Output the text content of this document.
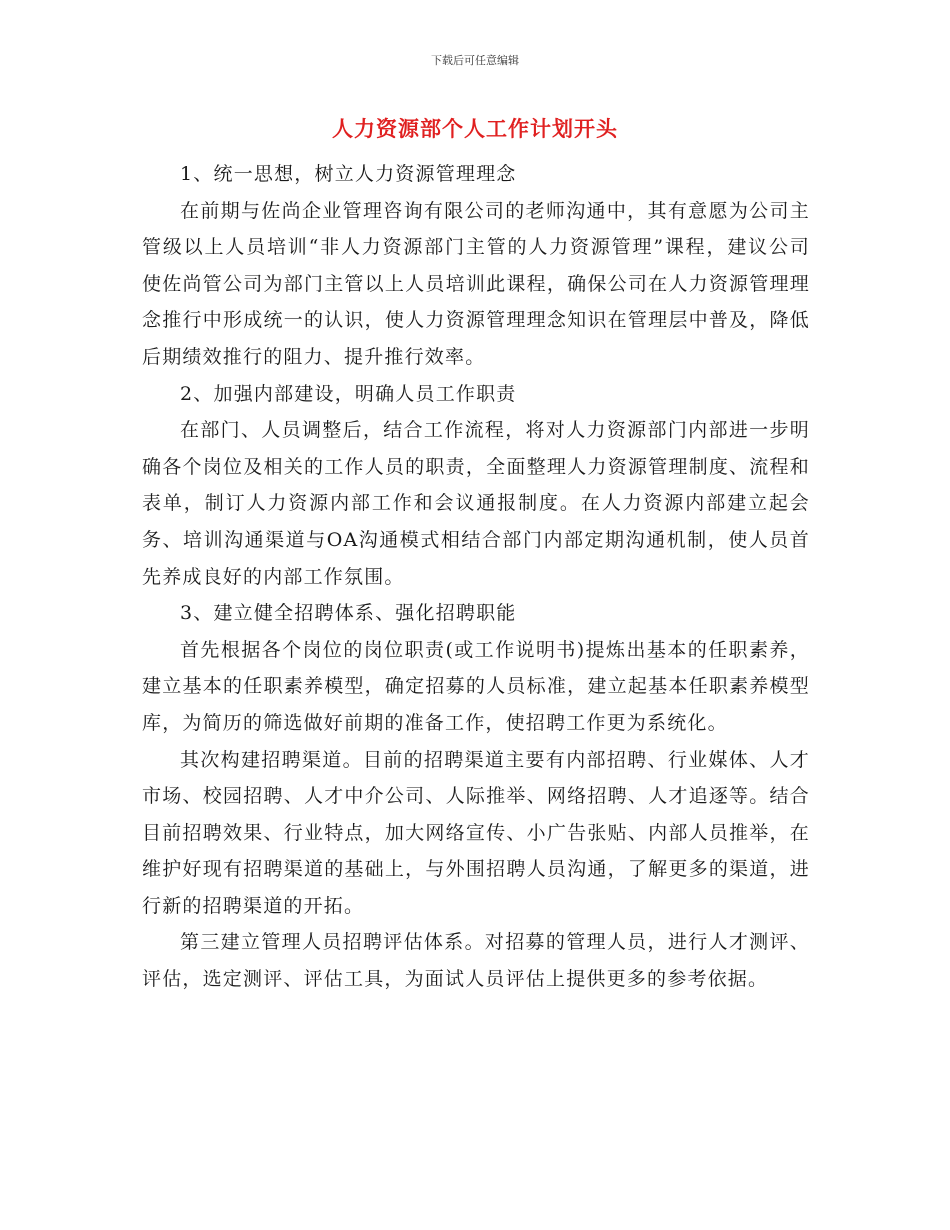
下载后可任意编辑
人力资源部个人工作计划开头

1、统一思想，树立人力资源管理理念

在前期与佐尚企业管理咨询有限公司的老师沟通中，其有意愿为公司主管级以上人员培训“非人力资源部门主管的人力资源管理”课程，建议公司使佐尚管公司为部门主管以上人员培训此课程，确保公司在人力资源管理理念推行中形成统一的认识，使人力资源管理理念知识在管理层中普及，降低后期绩效推行的阻力、提升推行效率。

2、加强内部建设，明确人员工作职责

在部门、人员调整后，结合工作流程，将对人力资源部门内部进一步明确各个岗位及相关的工作人员的职责，全面整理人力资源管理制度、流程和表单，制订人力资源内部工作和会议通报制度。在人力资源内部建立起会务、培训沟通渠道与OA沟通模式相结合部门内部定期沟通机制，使人员首先养成良好的内部工作氛围。

3、建立健全招聘体系、强化招聘职能

首先根据各个岗位的岗位职责(或工作说明书)提炼出基本的任职素养，建立基本的任职素养模型，确定招募的人员标准，建立起基本任职素养模型库，为简历的筛选做好前期的准备工作，使招聘工作更为系统化。

其次构建招聘渠道。目前的招聘渠道主要有内部招聘、行业媒体、人才市场、校园招聘、人才中介公司、人际推举、网络招聘、人才追逐等。结合目前招聘效果、行业特点，加大网络宣传、小广告张贴、内部人员推举，在维护好现有招聘渠道的基础上，与外围招聘人员沟通，了解更多的渠道，进行新的招聘渠道的开拓。

第三建立管理人员招聘评估体系。对招募的管理人员，进行人才测评、评估，选定测评、评估工具，为面试人员评估上提供更多的参考依据。
